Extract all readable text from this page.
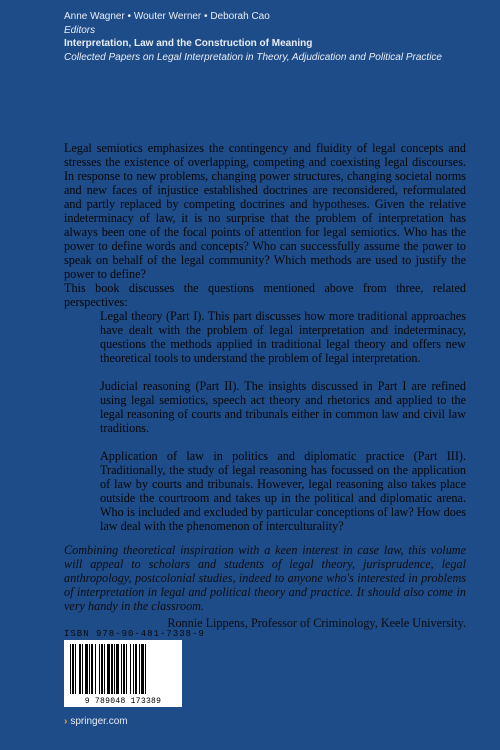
Anne Wagner • Wouter Werner • Deborah Cao
Editors
Interpretation, Law and the Construction of Meaning
Collected Papers on Legal Interpretation in Theory, Adjudication and Political Practice

Legal semiotics emphasizes the contingency and fluidity of legal concepts and stresses the existence of overlapping, competing and coexisting legal discourses. In response to new problems, changing power structures, changing societal norms and new faces of injustice established doctrines are reconsidered, reformulated and partly replaced by competing doctrines and hypotheses. Given the relative indeterminacy of law, it is no surprise that the problem of interpretation has always been one of the focal points of attention for legal semiotics. Who has the power to define words and concepts? Who can successfully assume the power to speak on behalf of the legal community? Which methods are used to justify the power to define?

This book discusses the questions mentioned above from three, related perspectives:

Legal theory (Part I). This part discusses how more traditional approaches have dealt with the problem of legal interpretation and indeterminacy, questions the methods applied in traditional legal theory and offers new theoretical tools to understand the problem of legal interpretation.

Judicial reasoning (Part II). The insights discussed in Part I are refined using legal semiotics, speech act theory and rhetorics and applied to the legal reasoning of courts and tribunals either in common law and civil law traditions.

Application of law in politics and diplomatic practice (Part III). Traditionally, the study of legal reasoning has focussed on the application of law by courts and tribunals. However, legal reasoning also takes place outside the courtroom and takes up in the political and diplomatic arena. Who is included and excluded by particular conceptions of law? How does law deal with the phenomenon of interculturality?

Combining theoretical inspiration with a keen interest in case law, this volume will appeal to scholars and students of legal theory, jurisprudence, legal anthropology, postcolonial studies, indeed to anyone who's interested in problems of interpretation in legal and political theory and practice. It should also come in very handy in the classroom.

Ronnie Lippens, Professor of Criminology, Keele University.

ISBN 978-90-481-7338-9
9 789048 173389
› springer.com
